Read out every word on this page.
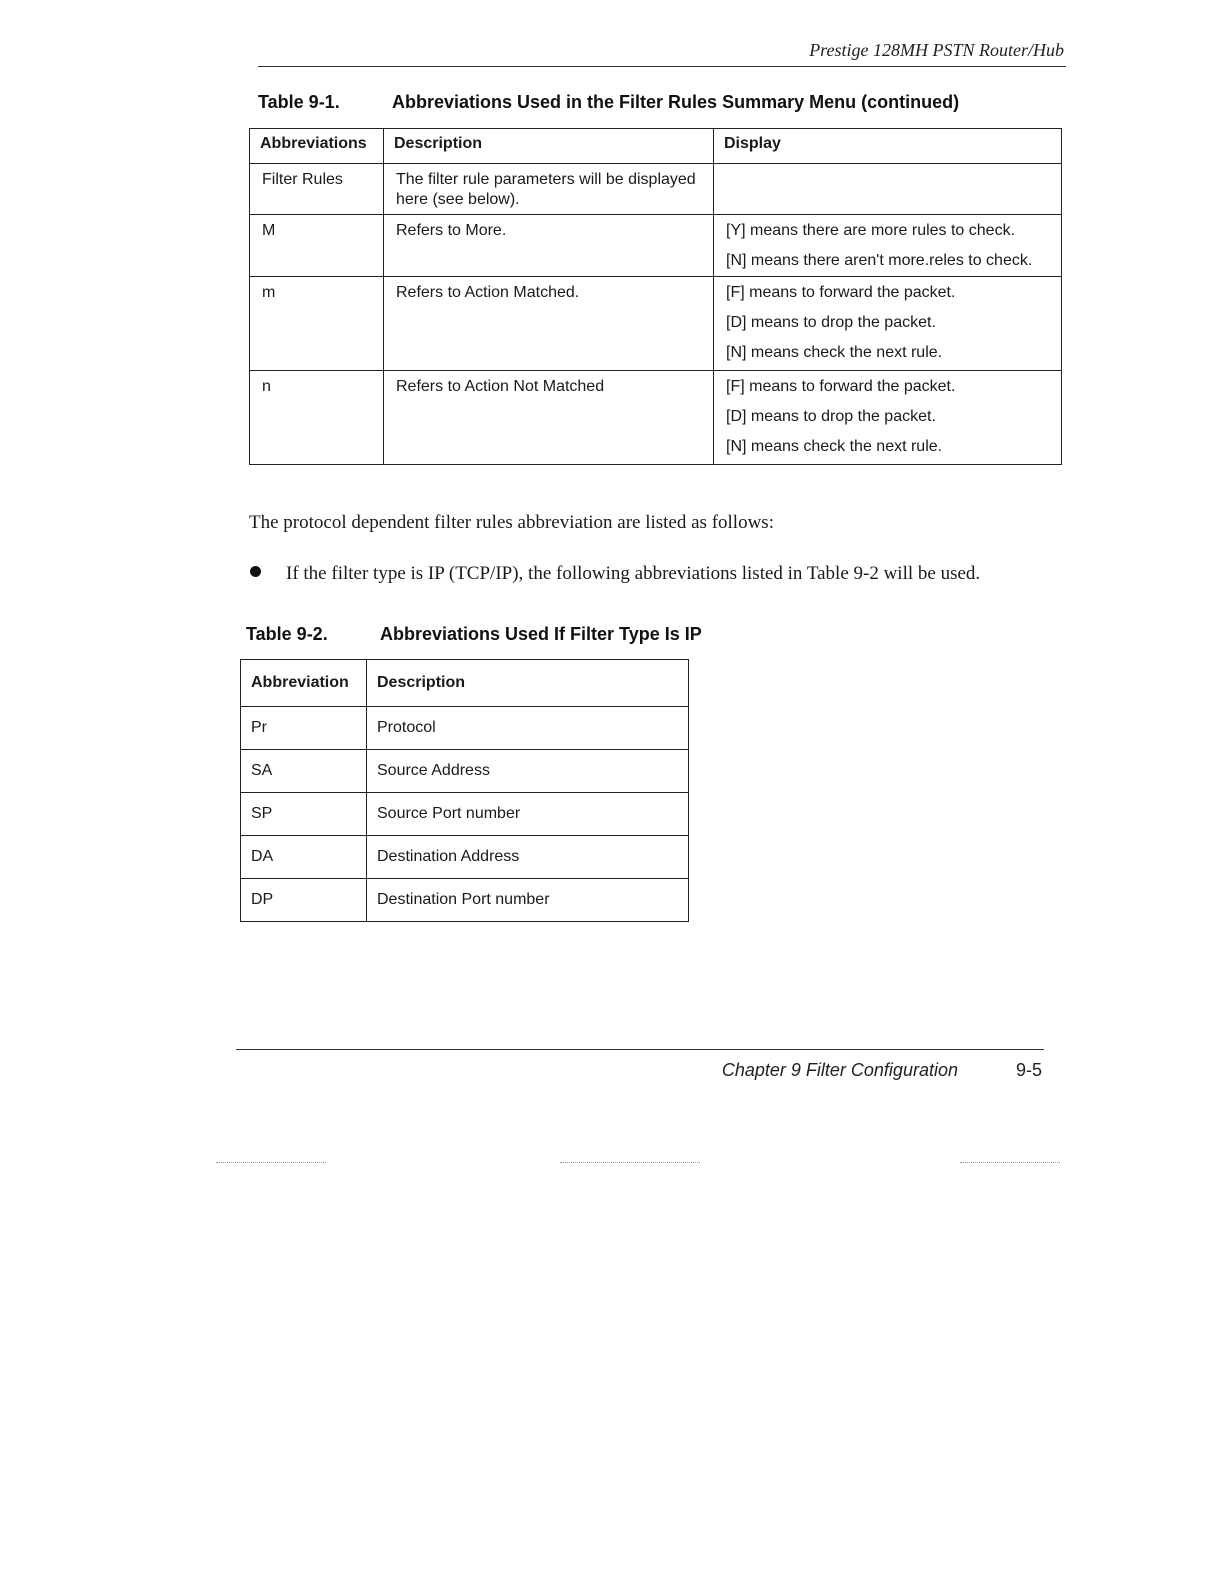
Prestige 128MH PSTN Router/Hub
Table 9-1.	Abbreviations Used in the Filter Rules Summary Menu (continued)
Abbreviations	Description	Display
Filter Rules	The filter rule parameters will be displayed here (see below).	
M	Refers to More.	[Y] means there are more rules to check.
[N] means there aren't more.reles to check.

m	Refers to Action Matched.	[F] means to forward the packet.
[D] means to drop the packet.
[N] means check the next rule.

n	Refers to Action Not Matched	[F] means to forward the packet.
[D] means to drop the packet.
[N] means check the next rule.
The protocol dependent filter rules abbreviation are listed as follows:
If the filter type is IP (TCP/IP), the following abbreviations listed in Table 9-2 will be used.
Table 9-2.	Abbreviations Used If Filter Type Is IP
Abbreviation	Description
Pr	Protocol
SA	Source Address
SP	Source Port number
DA	Destination Address
DP	Destination Port number
Chapter 9 Filter Configuration	9-5
